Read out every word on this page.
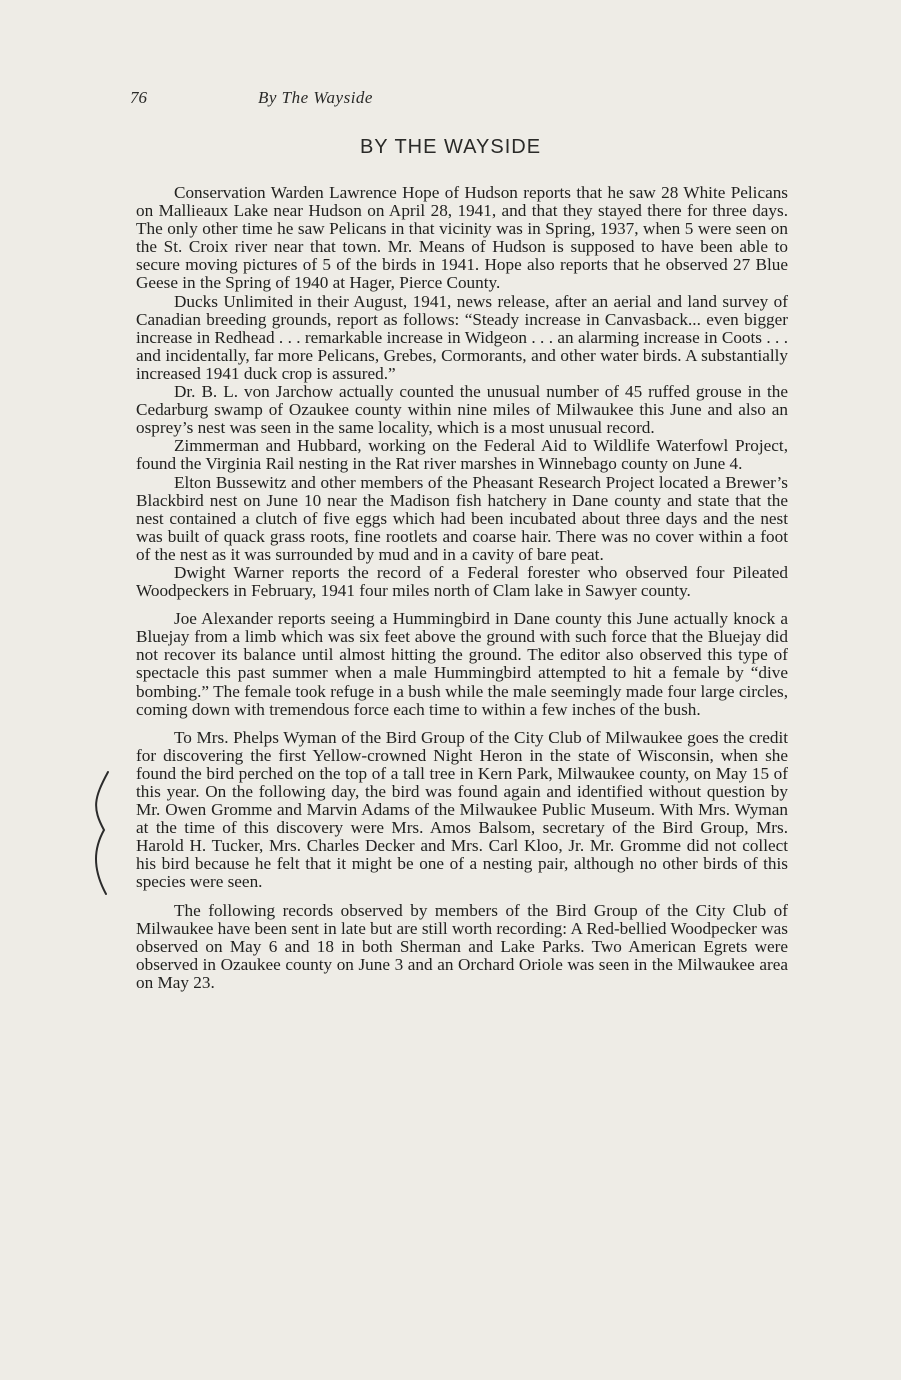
76	By The Wayside
BY THE WAYSIDE

Conservation Warden Lawrence Hope of Hudson reports that he saw 28 White Pelicans on Mallieaux Lake near Hudson on April 28, 1941, and that they stayed there for three days. The only other time he saw Pelicans in that vicinity was in Spring, 1937, when 5 were seen on the St. Croix river near that town. Mr. Means of Hudson is supposed to have been able to secure moving pictures of 5 of the birds in 1941. Hope also reports that he observed 27 Blue Geese in the Spring of 1940 at Hager, Pierce County.

Ducks Unlimited in their August, 1941, news release, after an aerial and land survey of Canadian breeding grounds, report as follows: “Steady increase in Canvasback... even bigger increase in Redhead . . . remarkable increase in Widgeon . . . an alarming increase in Coots . . . and incidentally, far more Pelicans, Grebes, Cormorants, and other water birds. A substantially increased 1941 duck crop is assured.”

Dr. B. L. von Jarchow actually counted the unusual number of 45 ruffed grouse in the Cedarburg swamp of Ozaukee county within nine miles of Milwaukee this June and also an osprey’s nest was seen in the same locality, which is a most unusual record.

Zimmerman and Hubbard, working on the Federal Aid to Wildlife Waterfowl Project, found the Virginia Rail nesting in the Rat river marshes in Winnebago county on June 4.

Elton Bussewitz and other members of the Pheasant Research Project located a Brewer’s Blackbird nest on June 10 near the Madison fish hatchery in Dane county and state that the nest contained a clutch of five eggs which had been incubated about three days and the nest was built of quack grass roots, fine rootlets and coarse hair. There was no cover within a foot of the nest as it was surrounded by mud and in a cavity of bare peat.

Dwight Warner reports the record of a Federal forester who observed four Pileated Woodpeckers in February, 1941 four miles north of Clam lake in Sawyer county.

Joe Alexander reports seeing a Hummingbird in Dane county this June actually knock a Bluejay from a limb which was six feet above the ground with such force that the Bluejay did not recover its balance until almost hitting the ground. The editor also observed this type of spectacle this past summer when a male Hummingbird attempted to hit a female by “dive bombing.” The female took refuge in a bush while the male seemingly made four large circles, coming down with tremendous force each time to within a few inches of the bush.

To Mrs. Phelps Wyman of the Bird Group of the City Club of Milwaukee goes the credit for discovering the first Yellow-crowned Night Heron in the state of Wisconsin, when she found the bird perched on the top of a tall tree in Kern Park, Milwaukee county, on May 15 of this year. On the following day, the bird was found again and identified without question by Mr. Owen Gromme and Marvin Adams of the Milwaukee Public Museum. With Mrs. Wyman at the time of this discovery were Mrs. Amos Balsom, secretary of the Bird Group, Mrs. Harold H. Tucker, Mrs. Charles Decker and Mrs. Carl Kloo, Jr. Mr. Gromme did not collect his bird because he felt that it might be one of a nesting pair, although no other birds of this species were seen.

The following records observed by members of the Bird Group of the City Club of Milwaukee have been sent in late but are still worth recording: A Red-bellied Woodpecker was observed on May 6 and 18 in both Sherman and Lake Parks. Two American Egrets were observed in Ozaukee county on June 3 and an Orchard Oriole was seen in the Milwaukee area on May 23.
